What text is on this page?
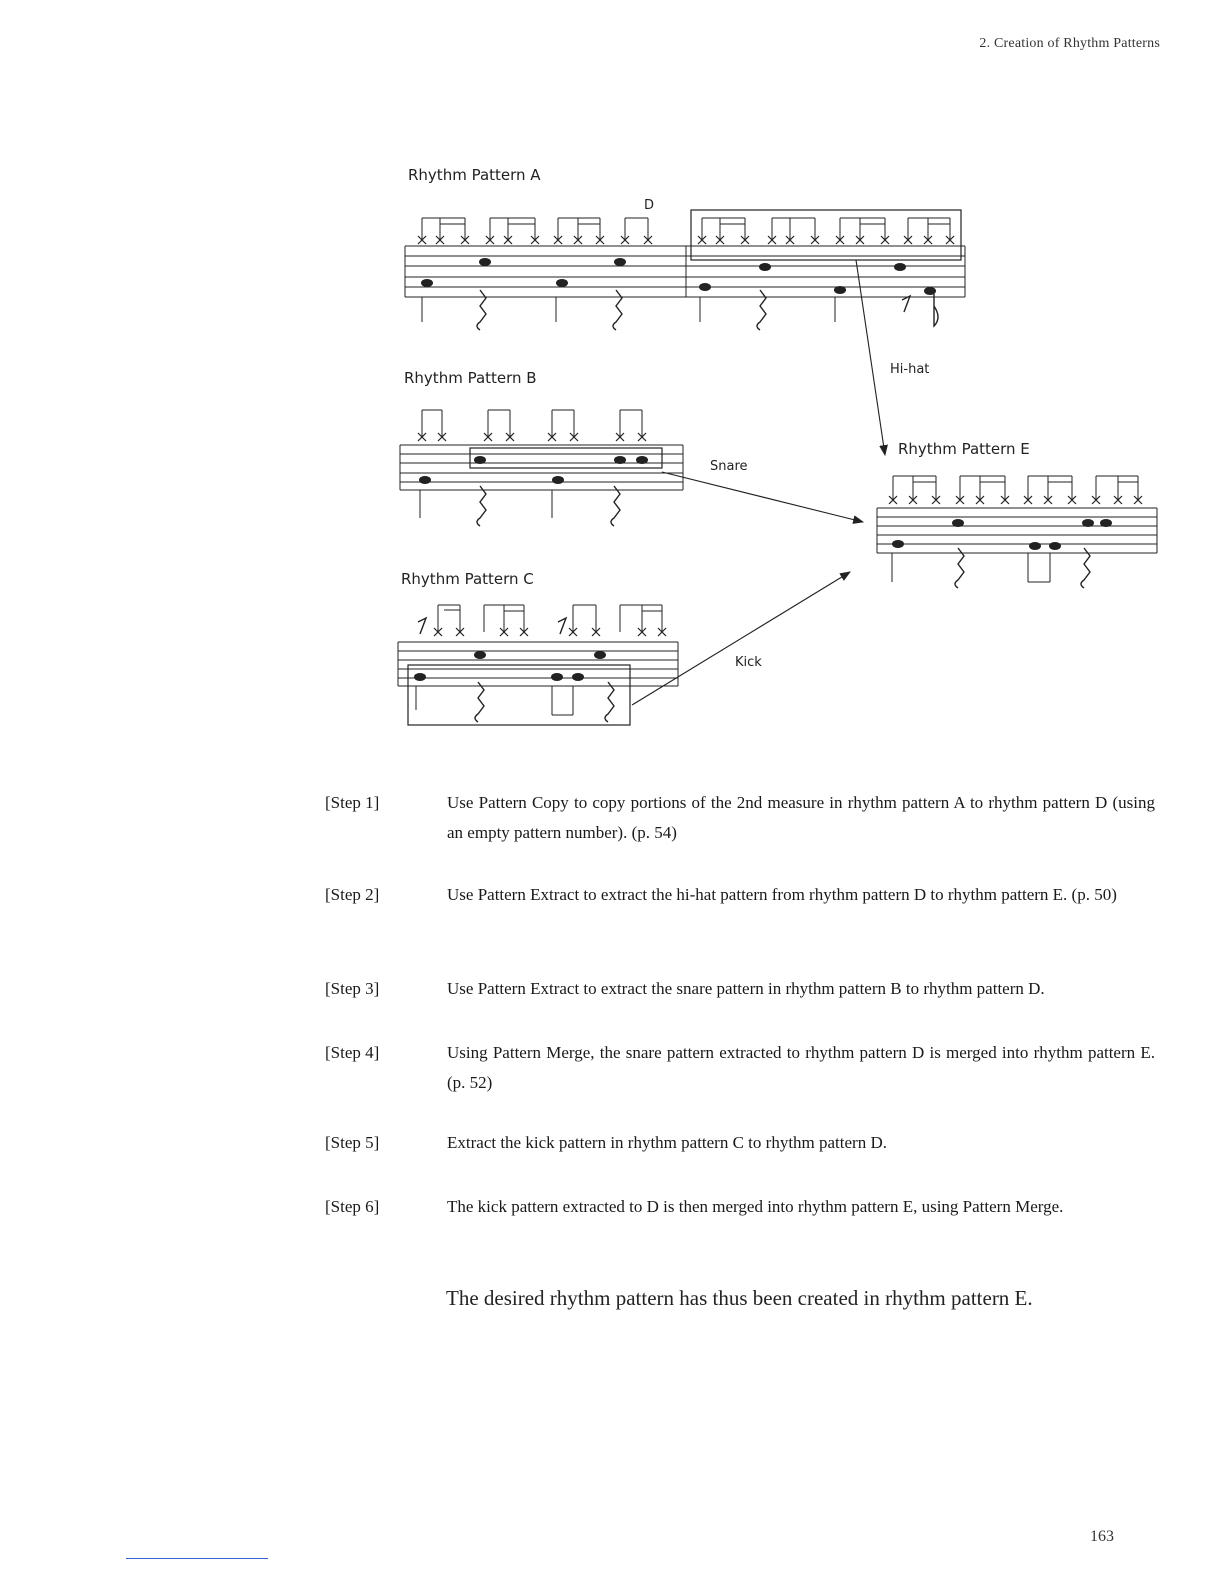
2. Creation of Rhythm Patterns
Rhythm Pattern A
D
Rhythm Pattern B
Rhythm Pattern C
Rhythm Pattern E
Hi-hat
Snare
Kick
[Step 1]	Use Pattern Copy to copy portions of the 2nd measure in rhythm pattern A to rhythm pattern D (using an empty pattern number). (p. 54)
[Step 2]	Use Pattern Extract to extract the hi-hat pattern from rhythm pattern D to rhythm pattern E. (p. 50)
[Step 3]	Use Pattern Extract to extract the snare pattern in rhythm pattern B to rhythm pattern D.
[Step 4]	Using Pattern Merge, the snare pattern extracted to rhythm pattern D is merged into rhythm pattern E. (p. 52)
[Step 5]	Extract the kick pattern in rhythm pattern C to rhythm pattern D.
[Step 6]	The kick pattern extracted to D is then merged into rhythm pattern E, using Pattern Merge.
The desired rhythm pattern has thus been created in rhythm pattern E.
163
